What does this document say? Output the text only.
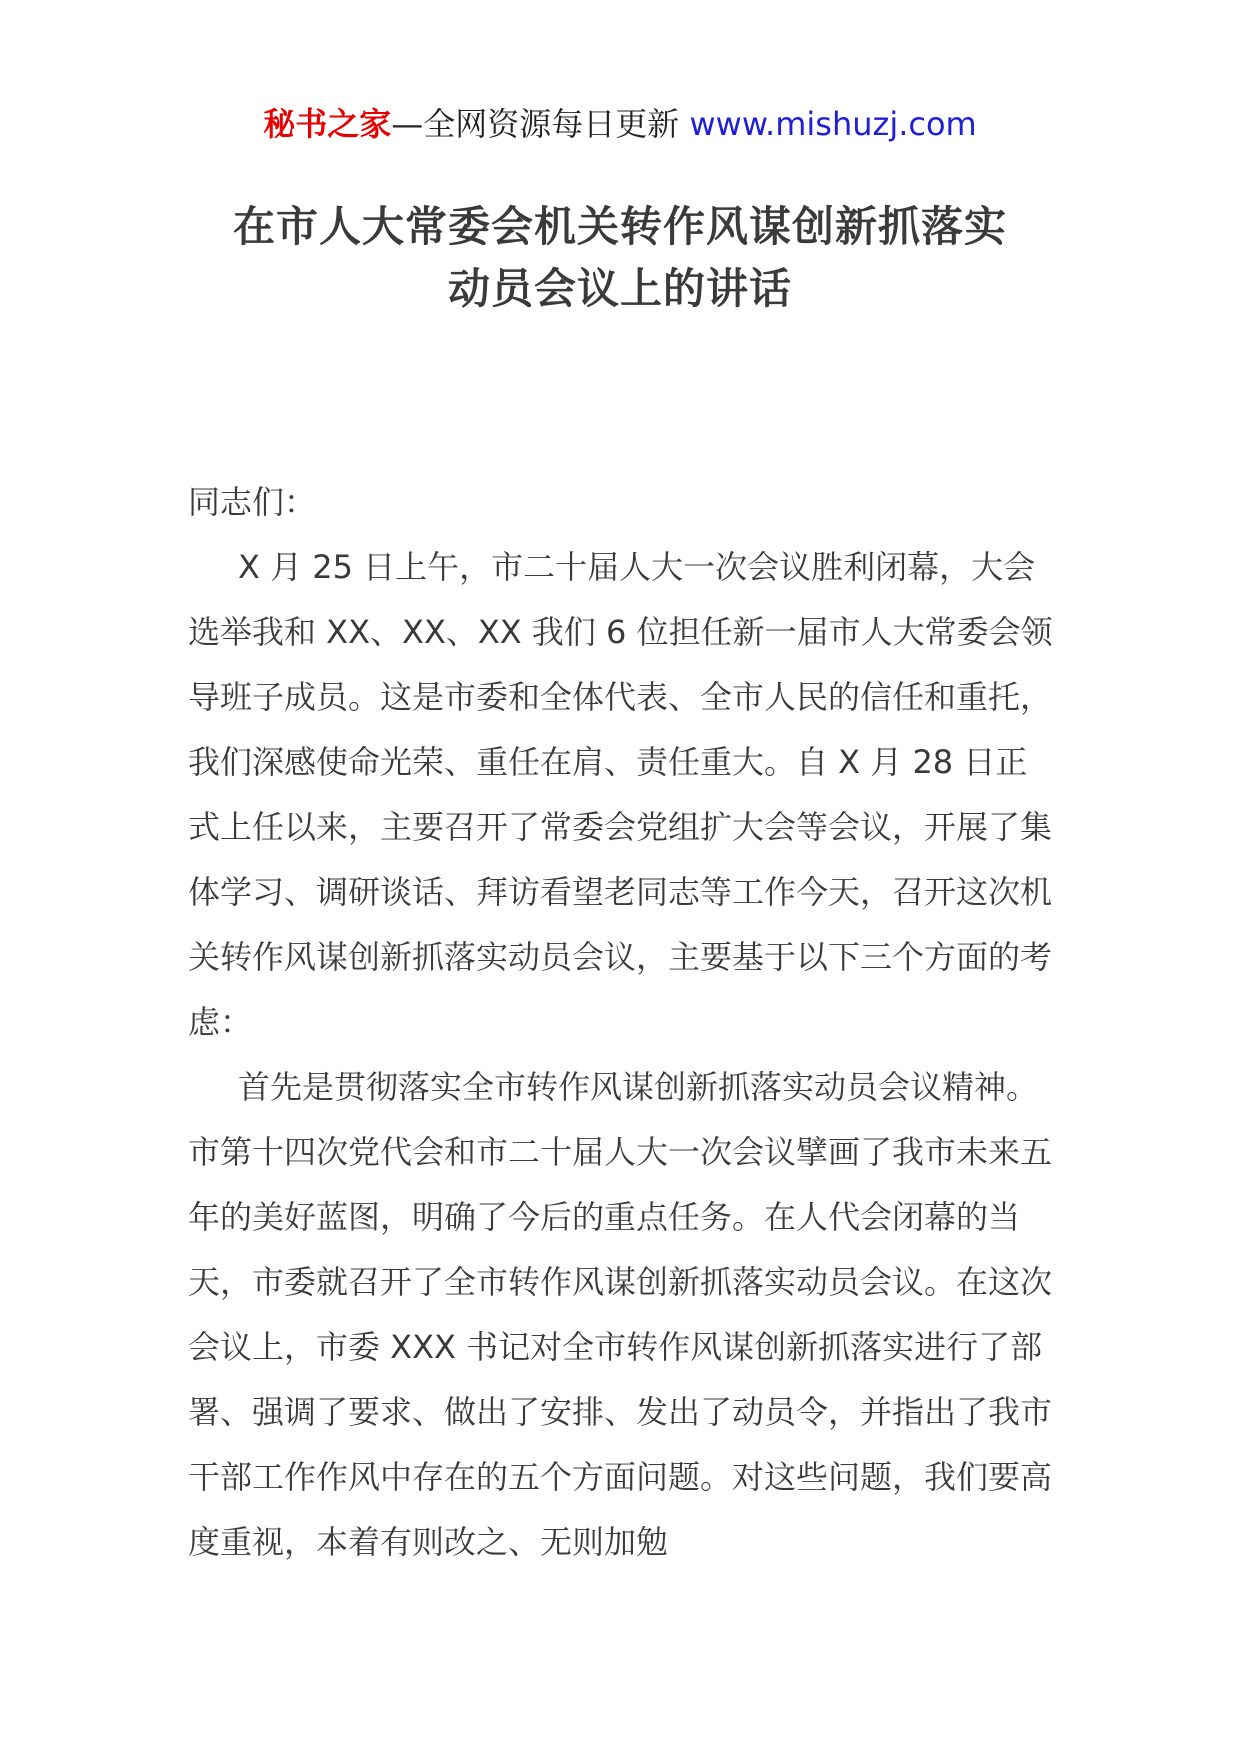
秘书之家—全网资源每日更新 www.mishuzj.com
在市人大常委会机关转作风谋创新抓落实
动员会议上的讲话

同志们：

X 月 25 日上午，市二十届人大一次会议胜利闭幕，大会选举我和 XX、XX、XX 我们 6 位担任新一届市人大常委会领导班子成员。这是市委和全体代表、全市人民的信任和重托，我们深感使命光荣、重任在肩、责任重大。自 X 月 28 日正式上任以来，主要召开了常委会党组扩大会等会议，开展了集体学习、调研谈话、拜访看望老同志等工作今天，召开这次机关转作风谋创新抓落实动员会议，主要基于以下三个方面的考虑：

首先是贯彻落实全市转作风谋创新抓落实动员会议精神。市第十四次党代会和市二十届人大一次会议擘画了我市未来五年的美好蓝图，明确了今后的重点任务。在人代会闭幕的当天，市委就召开了全市转作风谋创新抓落实动员会议。在这次会议上，市委 XXX 书记对全市转作风谋创新抓落实进行了部署、强调了要求、做出了安排、发出了动员令，并指出了我市干部工作作风中存在的五个方面问题。对这些问题，我们要高度重视，本着有则改之、无则加勉
